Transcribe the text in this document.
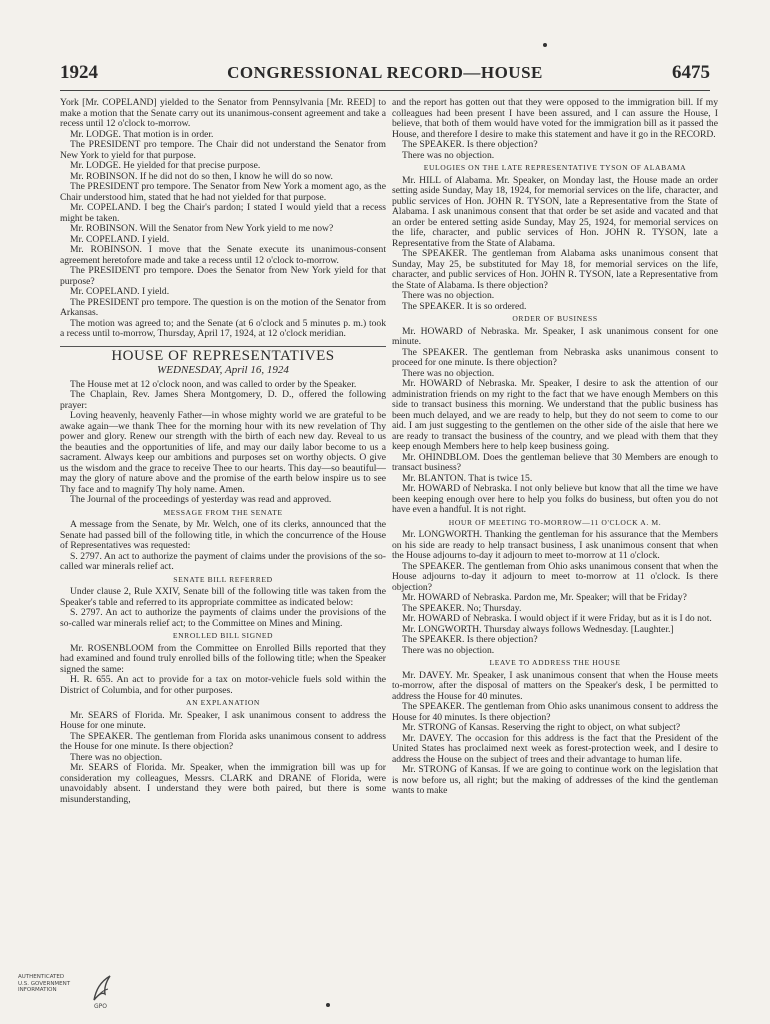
1924	CONGRESSIONAL RECORD—HOUSE	6475

York [Mr. COPELAND] yielded to the Senator from Pennsylvania [Mr. REED] to make a motion that the Senate carry out its unanimous-consent agreement and take a recess until 12 o'clock to-morrow.

Mr. LODGE. That motion is in order.

The PRESIDENT pro tempore. The Chair did not understand the Senator from New York to yield for that purpose.

Mr. LODGE. He yielded for that precise purpose.

Mr. ROBINSON. If he did not do so then, I know he will do so now.

The PRESIDENT pro tempore. The Senator from New York a moment ago, as the Chair understood him, stated that he had not yielded for that purpose.

Mr. COPELAND. I beg the Chair's pardon; I stated I would yield that a recess might be taken.

Mr. ROBINSON. Will the Senator from New York yield to me now?

Mr. COPELAND. I yield.

Mr. ROBINSON. I move that the Senate execute its unanimous-consent agreement heretofore made and take a recess until 12 o'clock to-morrow.

The PRESIDENT pro tempore. Does the Senator from New York yield for that purpose?

Mr. COPELAND. I yield.

The PRESIDENT pro tempore. The question is on the motion of the Senator from Arkansas.

The motion was agreed to; and the Senate (at 6 o'clock and 5 minutes p. m.) took a recess until to-morrow, Thursday, April 17, 1924, at 12 o'clock meridian.

HOUSE OF REPRESENTATIVES
WEDNESDAY, April 16, 1924

The House met at 12 o'clock noon, and was called to order by the Speaker.

The Chaplain, Rev. James Shera Montgomery, D. D., offered the following prayer:

Loving heavenly, heavenly Father—in whose mighty world we are grateful to be awake again—we thank Thee for the morning hour with its new revelation of Thy power and glory. Renew our strength with the birth of each new day. Reveal to us the beauties and the opportunities of life, and may our daily labor become to us a sacrament. Always keep our ambitions and purposes set on worthy objects. O give us the wisdom and the grace to receive Thee to our hearts. This day—so beautiful—may the glory of nature above and the promise of the earth below inspire us to see Thy face and to magnify Thy holy name. Amen.

The Journal of the proceedings of yesterday was read and approved.

MESSAGE FROM THE SENATE

A message from the Senate, by Mr. Welch, one of its clerks, announced that the Senate had passed bill of the following title, in which the concurrence of the House of Representatives was requested:

S. 2797. An act to authorize the payment of claims under the provisions of the so-called war minerals relief act.

SENATE BILL REFERRED

Under clause 2, Rule XXIV, Senate bill of the following title was taken from the Speaker's table and referred to its appropriate committee as indicated below:

S. 2797. An act to authorize the payments of claims under the provisions of the so-called war minerals relief act; to the Committee on Mines and Mining.

ENROLLED BILL SIGNED

Mr. ROSENBLOOM from the Committee on Enrolled Bills reported that they had examined and found truly enrolled bills of the following title; when the Speaker signed the same:

H. R. 655. An act to provide for a tax on motor-vehicle fuels sold within the District of Columbia, and for other purposes.

AN EXPLANATION

Mr. SEARS of Florida. Mr. Speaker, I ask unanimous consent to address the House for one minute.

The SPEAKER. The gentleman from Florida asks unanimous consent to address the House for one minute. Is there objection?

There was no objection.

Mr. SEARS of Florida. Mr. Speaker, when the immigration bill was up for consideration my colleagues, Messrs. CLARK and DRANE of Florida, were unavoidably absent. I understand they were both paired, but there is some misunderstanding,

and the report has gotten out that they were opposed to the immigration bill. If my colleagues had been present I have been assured, and I can assure the House, I believe, that both of them would have voted for the immigration bill as it passed the House, and therefore I desire to make this statement and have it go in the RECORD.

The SPEAKER. Is there objection?

There was no objection.

EULOGIES ON THE LATE REPRESENTATIVE TYSON OF ALABAMA

Mr. HILL of Alabama. Mr. Speaker, on Monday last, the House made an order setting aside Sunday, May 18, 1924, for memorial services on the life, character, and public services of Hon. JOHN R. TYSON, late a Representative from the State of Alabama. I ask unanimous consent that that order be set aside and vacated and that an order be entered setting aside Sunday, May 25, 1924, for memorial services on the life, character, and public services of Hon. JOHN R. TYSON, late a Representative from the State of Alabama.

The SPEAKER. The gentleman from Alabama asks unanimous consent that Sunday, May 25, be substituted for May 18, for memorial services on the life, character, and public services of Hon. JOHN R. TYSON, late a Representative from the State of Alabama. Is there objection?

There was no objection.

The SPEAKER. It is so ordered.

ORDER OF BUSINESS

Mr. HOWARD of Nebraska. Mr. Speaker, I ask unanimous consent for one minute.

The SPEAKER. The gentleman from Nebraska asks unanimous consent to proceed for one minute. Is there objection?

There was no objection.

Mr. HOWARD of Nebraska. Mr. Speaker, I desire to ask the attention of our administration friends on my right to the fact that we have enough Members on this side to transact business this morning. We understand that the public business has been much delayed, and we are ready to help, but they do not seem to come to our aid. I am just suggesting to the gentlemen on the other side of the aisle that here we are ready to transact the business of the country, and we plead with them that they keep enough Members here to help keep business going.

Mr. OHINDBLOM. Does the gentleman believe that 30 Members are enough to transact business?

Mr. BLANTON. That is twice 15.

Mr. HOWARD of Nebraska. I not only believe but know that all the time we have been keeping enough over here to help you folks do business, but often you do not have even a handful. It is not right.

HOUR OF MEETING TO-MORROW—11 O'CLOCK A. M.

Mr. LONGWORTH. Thanking the gentleman for his assurance that the Members on his side are ready to help transact business, I ask unanimous consent that when the House adjourns to-day it adjourn to meet to-morrow at 11 o'clock.

The SPEAKER. The gentleman from Ohio asks unanimous consent that when the House adjourns to-day it adjourn to meet to-morrow at 11 o'clock. Is there objection?

Mr. HOWARD of Nebraska. Pardon me, Mr. Speaker; will that be Friday?

The SPEAKER. No; Thursday.

Mr. HOWARD of Nebraska. I would object if it were Friday, but as it is I do not.

Mr. LONGWORTH. Thursday always follows Wednesday. [Laughter.]

The SPEAKER. Is there objection?

There was no objection.

LEAVE TO ADDRESS THE HOUSE

Mr. DAVEY. Mr. Speaker, I ask unanimous consent that when the House meets to-morrow, after the disposal of matters on the Speaker's desk, I be permitted to address the House for 40 minutes.

The SPEAKER. The gentleman from Ohio asks unanimous consent to address the House for 40 minutes. Is there objection?

Mr. STRONG of Kansas. Reserving the right to object, on what subject?

Mr. DAVEY. The occasion for this address is the fact that the President of the United States has proclaimed next week as forest-protection week, and I desire to address the House on the subject of trees and their advantage to human life.

Mr. STRONG of Kansas. If we are going to continue work on the legislation that is now before us, all right; but the making of addresses of the kind the gentleman wants to make

AUTHENTICATED
U.S. GOVERNMENT
INFORMATION
GPO
